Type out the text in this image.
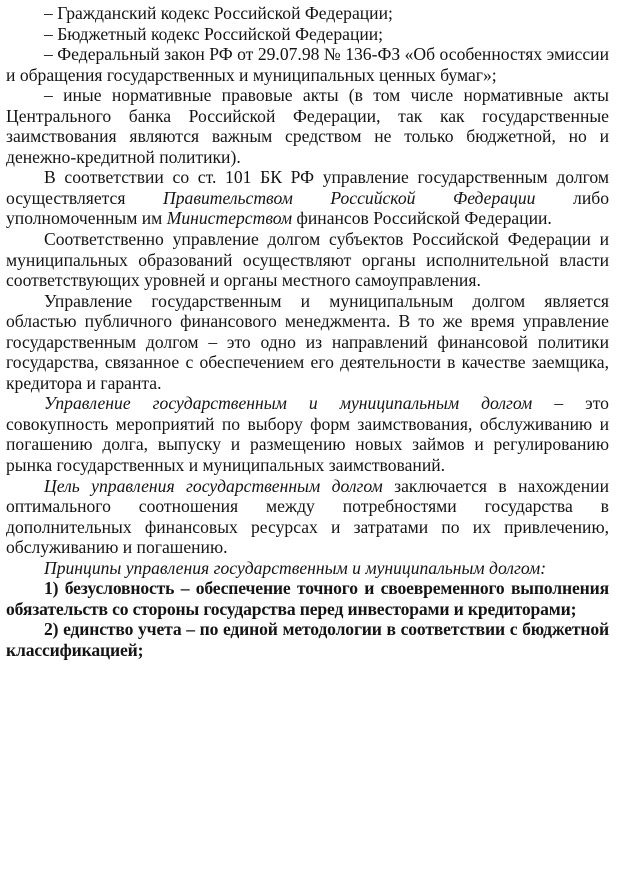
– Гражданский кодекс Российской Федерации;

– Бюджетный кодекс Российской Федерации;

– Федеральный закон РФ от 29.07.98 № 136-ФЗ «Об особенностях эмиссии и обращения государственных и муниципальных ценных бумаг»;

– иные нормативные правовые акты (в том числе нормативные акты Центрального банка Российской Федерации, так как государственные заимствования являются важным средством не только бюджетной, но и денежно-кредитной политики).

В соответствии со ст. 101 БК РФ управление государственным долгом осуществляется Правительством Российской Федерации либо уполномоченным им Министерством финансов Российской Федерации.

Соответственно управление долгом субъектов Российской Федерации и муниципальных образований осуществляют органы исполнительной власти соответствующих уровней и органы местного самоуправления.

Управление государственным и муниципальным долгом является областью публичного финансового менеджмента. В то же время управление государственным долгом – это одно из направлений финансовой политики государства, связанное с обеспечением его деятельности в качестве заемщика, кредитора и гаранта.

Управление государственным и муниципальным долгом – это совокупность мероприятий по выбору форм заимствования, обслуживанию и погашению долга, выпуску и размещению новых займов и регулированию рынка государственных и муниципальных заимствований.

Цель управления государственным долгом заключается в нахождении оптимального соотношения между потребностями государства в дополнительных финансовых ресурсах и затратами по их привлечению, обслуживанию и погашению.

Принципы управления государственным и муниципальным долгом:

1) безусловность – обеспечение точного и своевременного выполнения обязательств со стороны государства перед инвесторами и кредиторами;

2) единство учета – по единой методологии в соответствии с бюджетной классификацией;
